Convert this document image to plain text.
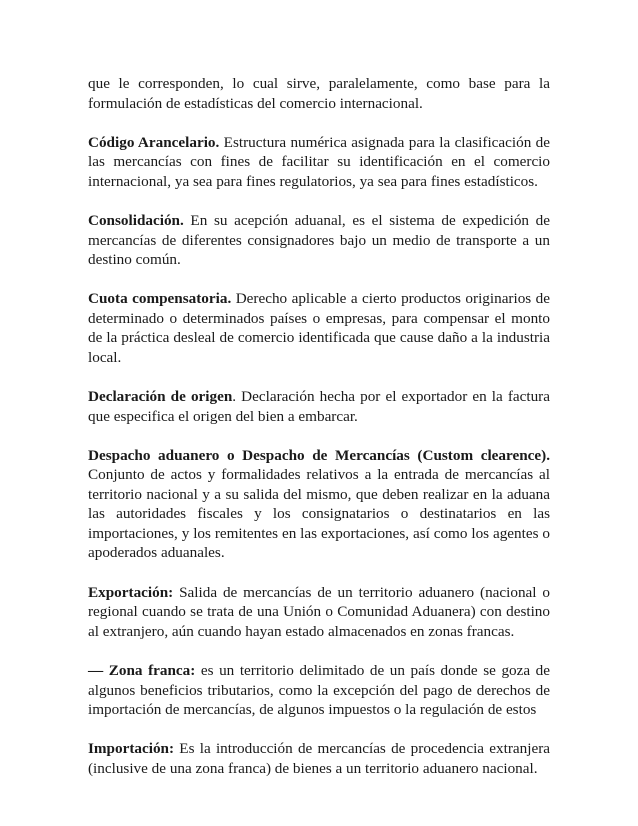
que le corresponden, lo cual sirve, paralelamente, como base para la formulación de estadísticas del comercio internacional.

Código Arancelario. Estructura numérica asignada para la clasificación de las mercancías con fines de facilitar su identificación en el comercio internacional, ya sea para fines regulatorios, ya sea para fines estadísticos.

Consolidación. En su acepción aduanal, es el sistema de expedición de mercancías de diferentes consignadores bajo un medio de transporte a un destino común.

Cuota compensatoria. Derecho aplicable a cierto productos originarios de determinado o determinados países o empresas, para compensar el monto de la práctica desleal de comercio identificada que cause daño a la industria local.

Declaración de origen. Declaración hecha por el exportador en la factura que especifica el origen del bien a embarcar.

Despacho aduanero o Despacho de Mercancías (Custom clearence). Conjunto de actos y formalidades relativos a la entrada de mercancías al territorio nacional y a su salida del mismo, que deben realizar en la aduana las autoridades fiscales y los consignatarios o destinatarios en las importaciones, y los remitentes en las exportaciones, así como los agentes o apoderados aduanales.

Exportación: Salida de mercancías de un territorio aduanero (nacional o regional cuando se trata de una Unión o Comunidad Aduanera) con destino al extranjero, aún cuando hayan estado almacenados en zonas francas.

— Zona franca: es un territorio delimitado de un país donde se goza de algunos beneficios tributarios, como la excepción del pago de derechos de importación de mercancías, de algunos impuestos o la regulación de estos

Importación: Es la introducción de mercancías de procedencia extranjera (inclusive de una zona franca) de bienes a un territorio aduanero nacional.
